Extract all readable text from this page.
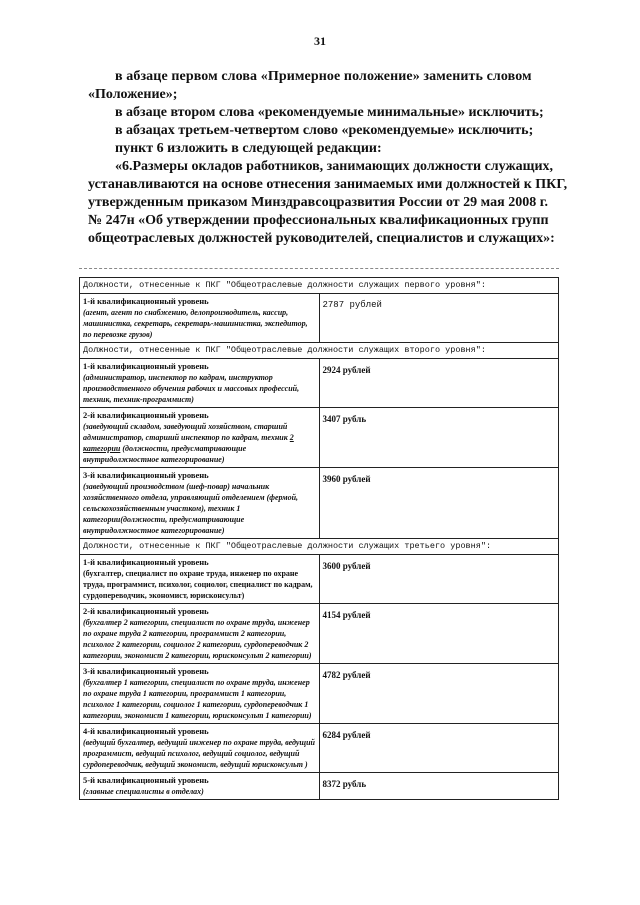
31
в абзаце первом слова «Примерное положение» заменить словом
«Положение»;
в абзаце втором слова «рекомендуемые минимальные» исключить;
в абзацах третьем-четвертом слово «рекомендуемые» исключить;
пункт 6 изложить в следующей редакции:
«6.Размеры окладов работников, занимающих должности служащих,
устанавливаются на основе отнесения занимаемых ими должностей к ПКГ,
утвержденным приказом Минздравсоцразвития России от 29 мая 2008 г.
№ 247н «Об утверждении профессиональных квалификационных групп
общеотраслевых должностей руководителей, специалистов и служащих»:
Должности, отнесенные к ПКГ "Общеотраслевые должности служащих первого уровня":	

1-й квалификационный уровень
(агент, агент по снабжению, делопроизводитель, кассир, машинистка, секретарь, секретарь-машинистка, экспедитор, по перевозке грузов)	2787 рублей

Должности, отнесенные к ПКГ "Общеотраслевые должности служащих второго уровня":	

1-й квалификационный уровень
(администратор, инспектор по кадрам, инструктор производственного обучения рабочих и массовых профессий, техник, техник-программист)	2924 рублей

2-й квалификационный уровень
(заведующий складом, заведующий хозяйством, старший администратор, старший инспектор по кадрам, техник 2 категории (должности, предусматривающие внутридолжностное категорирование)	3407 рубль

3-й квалификационный уровень
(заведующий производством (шеф-повар) начальник хозяйственного отдела, управляющий отделением (фермой, сельскохозяйственным участком), техник 1 категории(должности, предусматривающие внутридолжностное категорирование)	3960 рублей

Должности, отнесенные к ПКГ "Общеотраслевые должности служащих третьего уровня":	

1-й квалификационный уровень
(бухгалтер, специалист по охране труда, инженер по охране труда, программист, психолог, социолог, специалист по кадрам, сурдопереводчик, экономист, юрисконсульт)	3600 рублей

2-й квалификационный уровень
(бухгалтер 2 категории, специалист по охране труда, инженер по охране труда 2 категории, программист 2 категории, психолог 2 категории, социолог 2 категории, сурдопереводчик 2 категории, экономист 2 категории, юрисконсульт 2 категории)	4154 рублей

3-й квалификационный уровень
(бухгалтер 1 категории, специалист по охране труда, инженер по охране труда 1 категории, программист 1 категории, психолог 1 категории, социолог 1 категории, сурдопереводчик 1 категории, экономист 1 категории, юрисконсульт 1 категории)	4782 рублей

4-й квалификационный уровень
(ведущий бухгалтер, ведущий инженер по охране труда, ведущий программист, ведущий психолог, ведущий социолог, ведущий сурдопереводчик, ведущий экономист, ведущий юрисконсульт )	6284 рублей

5-й квалификационный уровень
(главные специалисты в отделах)	8372 рубль
